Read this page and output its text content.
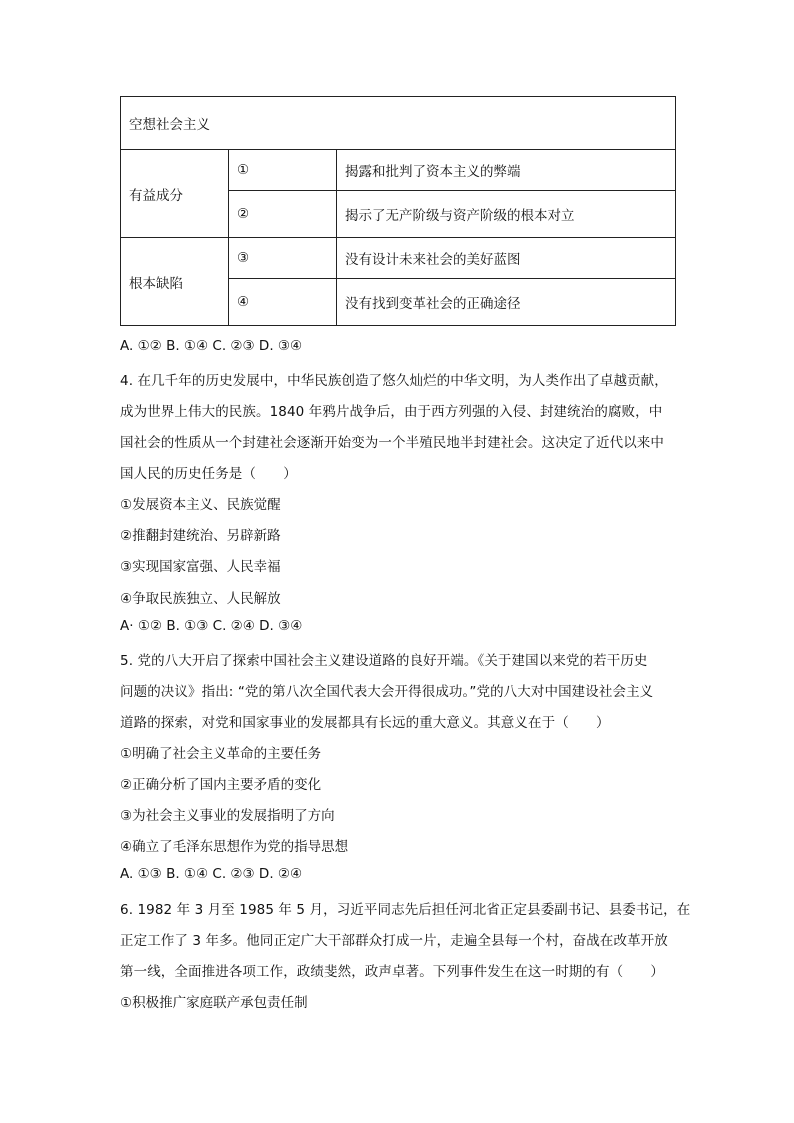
空想社会主义		
有益成分	①	揭露和批判了资本主义的弊端
	②	揭示了无产阶级与资产阶级的根本对立
根本缺陷	③	没有设计未来社会的美好蓝图
	④	没有找到变革社会的正确途径
A. ①② B. ①④ C. ②③ D. ③④
4. 在几千年的历史发展中，中华民族创造了悠久灿烂的中华文明，为人类作出了卓越贡献，
成为世界上伟大的民族。1840 年鸦片战争后，由于西方列强的入侵、封建统治的腐败，中
国社会的性质从一个封建社会逐渐开始变为一个半殖民地半封建社会。这决定了近代以来中
国人民的历史任务是（　　）
①发展资本主义、民族觉醒
②推翻封建统治、另辟新路
③实现国家富强、人民幸福
④争取民族独立、人民解放
A· ①② B. ①③ C. ②④ D. ③④
5. 党的八大开启了探索中国社会主义建设道路的良好开端。《关于建国以来党的若干历史
问题的决议》指出: “党的第八次全国代表大会开得很成功。”党的八大对中国建设社会主义
道路的探索，对党和国家事业的发展都具有长远的重大意义。其意义在于（　　）
①明确了社会主义革命的主要任务
②正确分析了国内主要矛盾的变化
③为社会主义事业的发展指明了方向
④确立了毛泽东思想作为党的指导思想
A. ①③ B. ①④ C. ②③ D. ②④
6. 1982 年 3 月至 1985 年 5 月，习近平同志先后担任河北省正定县委副书记、县委书记，在
正定工作了 3 年多。他同正定广大干部群众打成一片，走遍全县每一个村，奋战在改革开放
第一线，全面推进各项工作，政绩斐然，政声卓著。下列事件发生在这一时期的有（　　）
①积极推广家庭联产承包责任制
